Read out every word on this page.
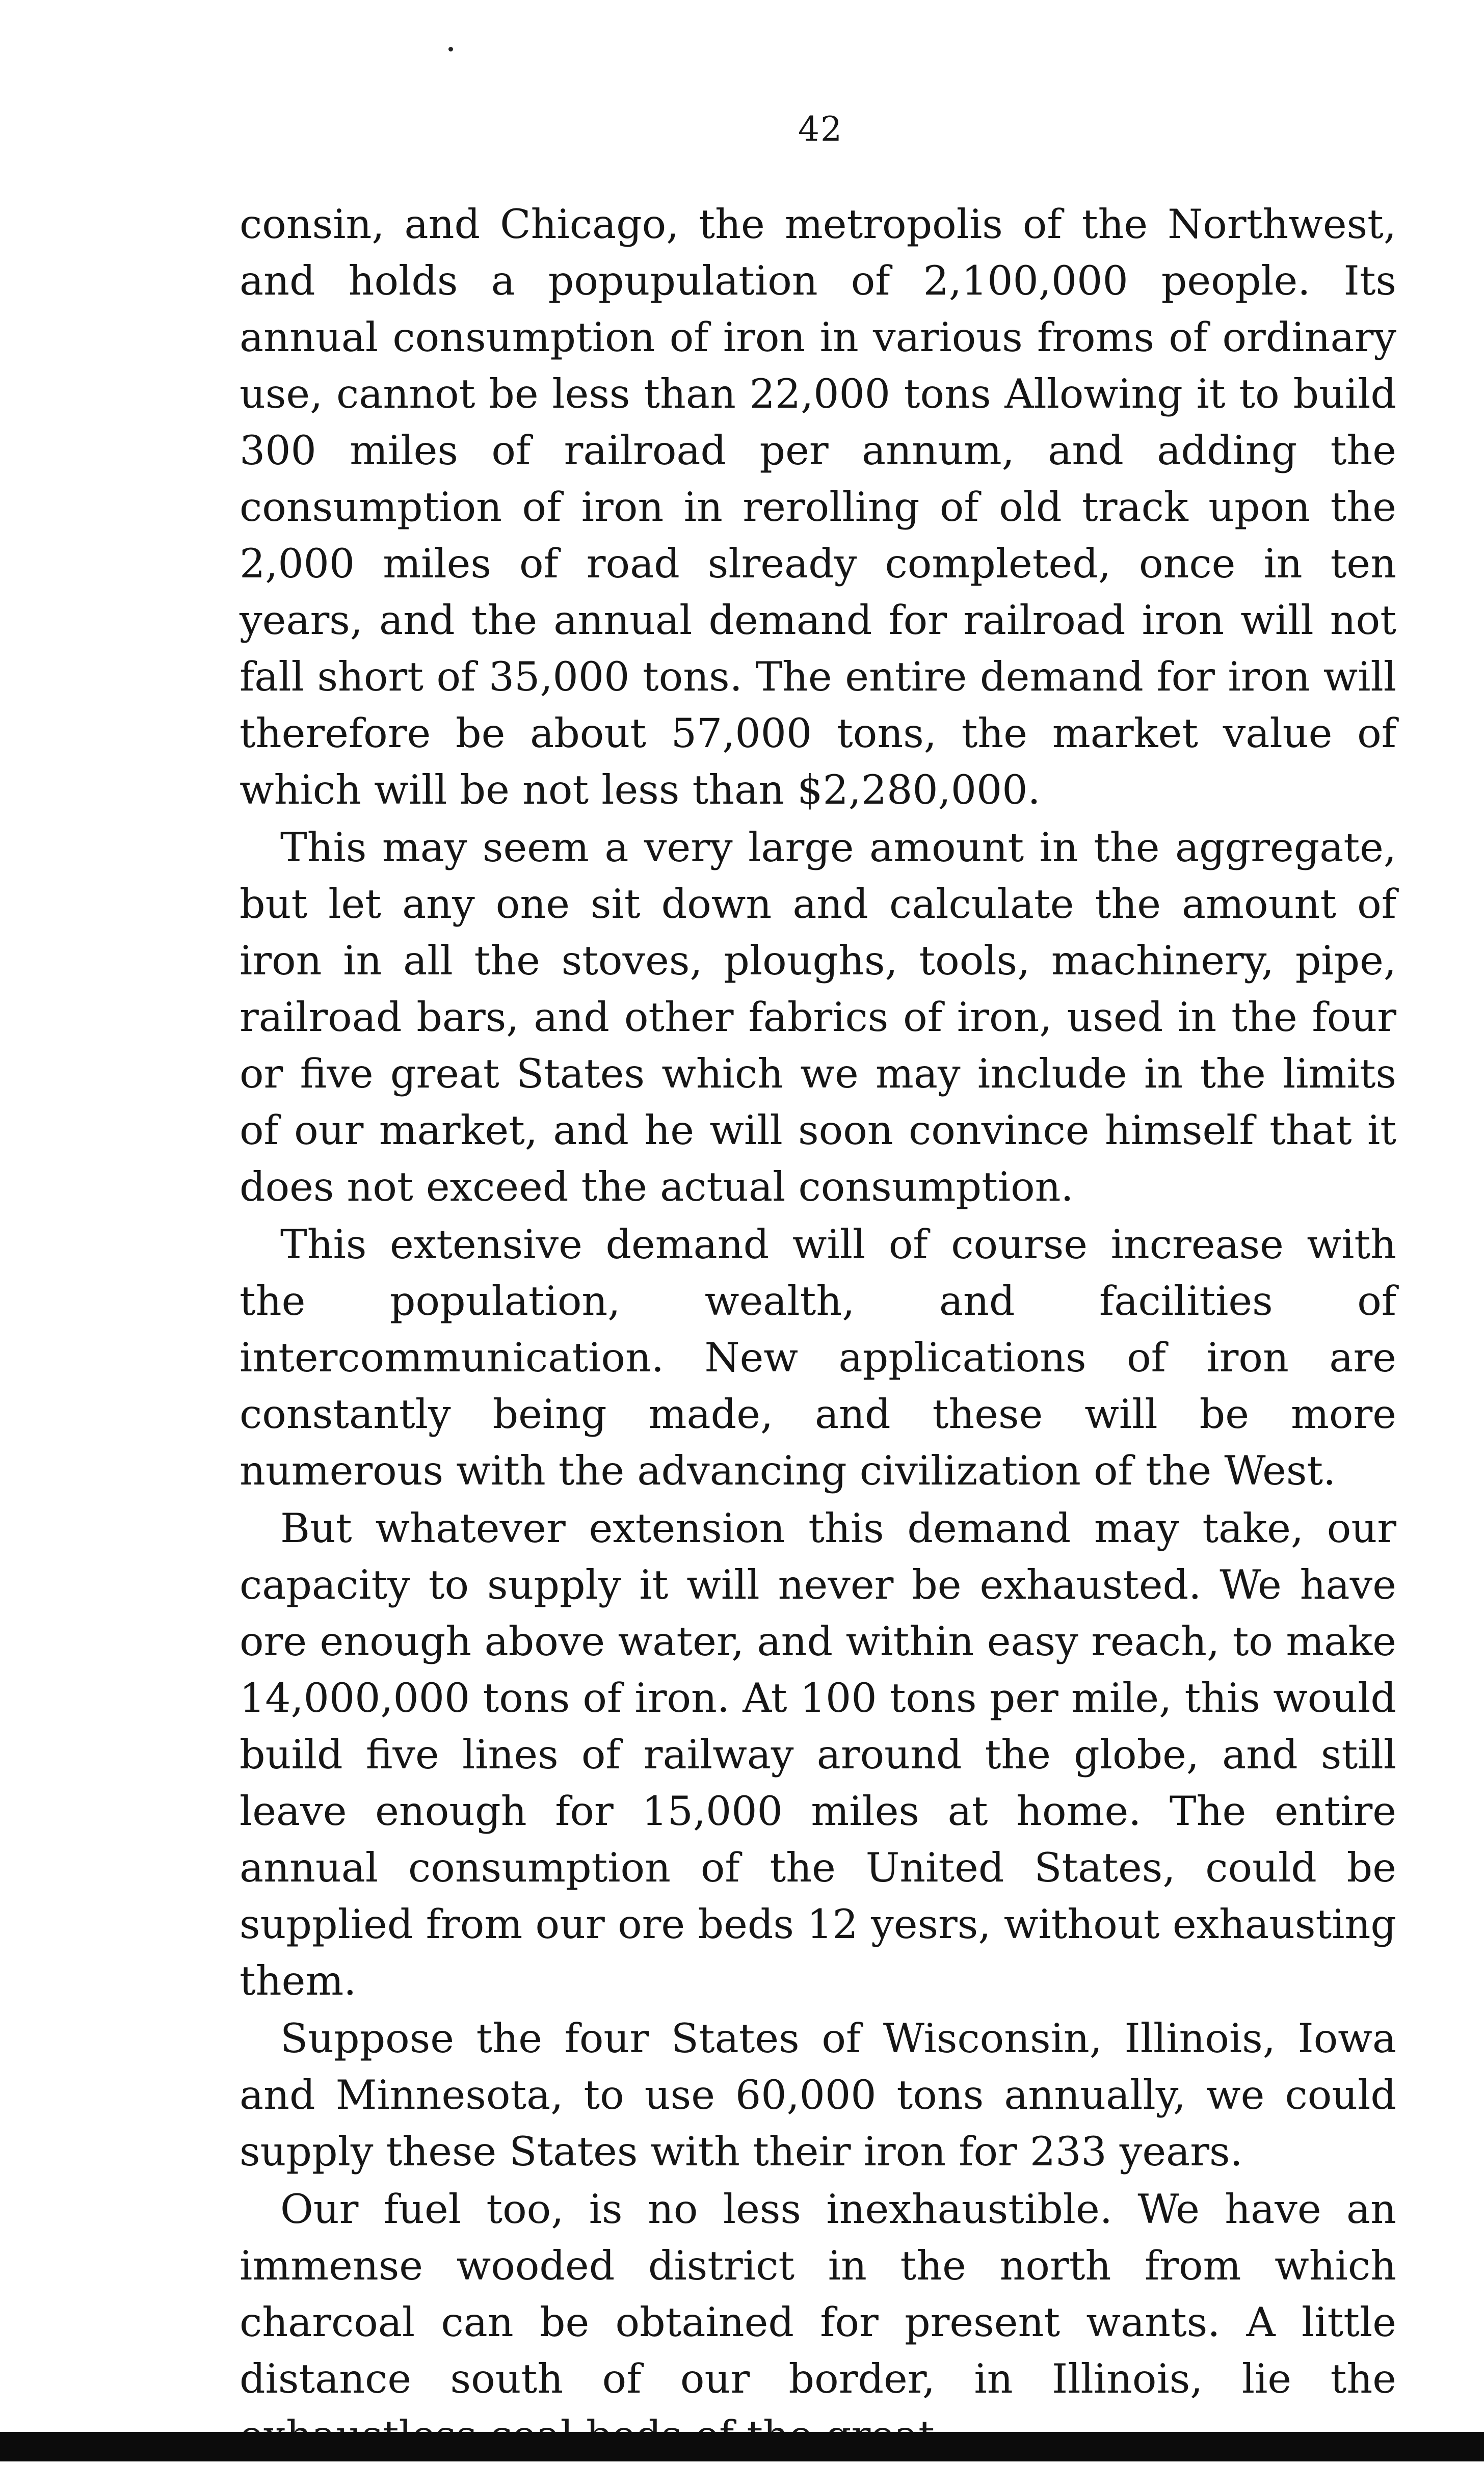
42

consin, and Chicago, the metropolis of the Northwest, and holds a popupulation of 2,100,000 people. Its annual consumption of iron in various froms of ordinary use, cannot be less than 22,000 tons Allowing it to build 300 miles of railroad per annum, and adding the consumption of iron in rerolling of old track upon the 2,000 miles of road slready completed, once in ten years, and the annual demand for railroad iron will not fall short of 35,000 tons. The entire demand for iron will therefore be about 57,000 tons, the market value of which will be not less than $2,280,000.

This may seem a very large amount in the aggregate, but let any one sit down and calculate the amount of iron in all the stoves, ploughs, tools, machinery, pipe, railroad bars, and other fabrics of iron, used in the four or five great States which we may include in the limits of our market, and he will soon convince himself that it does not exceed the actual consumption.

This extensive demand will of course increase with the population, wealth, and facilities of intercommunication. New applications of iron are constantly being made, and these will be more numerous with the advancing civilization of the West.

But whatever extension this demand may take, our capacity to supply it will never be exhausted. We have ore enough above water, and within easy reach, to make 14,000,000 tons of iron. At 100 tons per mile, this would build five lines of railway around the globe, and still leave enough for 15,000 miles at home. The entire annual consumption of the United States, could be supplied from our ore beds 12 yesrs, without exhausting them.

Suppose the four States of Wisconsin, Illinois, Iowa and Minnesota, to use 60,000 tons annually, we could supply these States with their iron for 233 years.

Our fuel too, is no less inexhaustible. We have an immense wooded district in the north from which charcoal can be obtained for present wants. A little distance south of our border, in Illinois, lie the
